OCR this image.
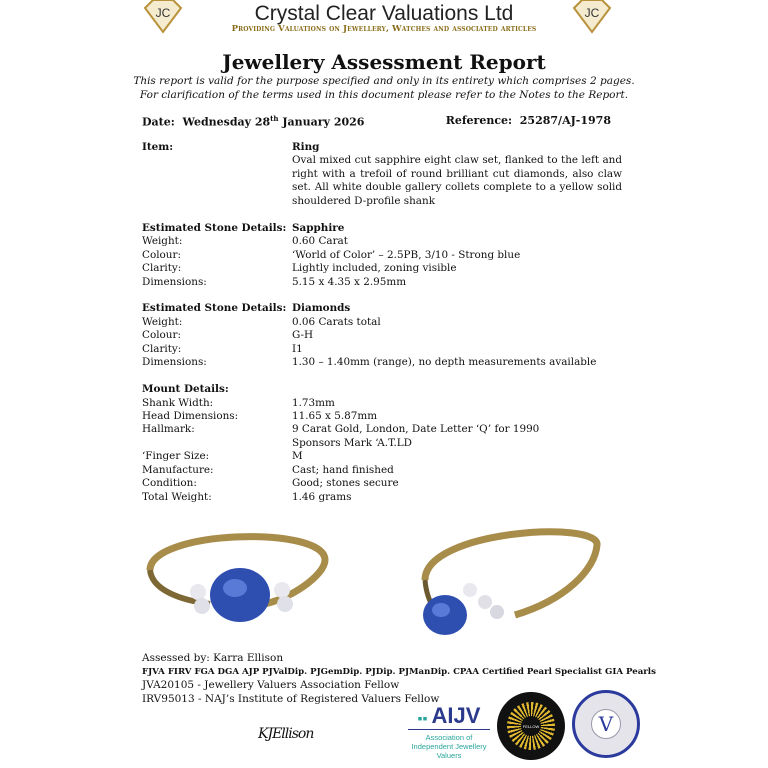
JC	JC
Crystal Clear Valuations Ltd
Providing Valuations on Jewellery, Watches and associated articles
Jewellery Assessment Report
This report is valid for the purpose specified and only in its entirety which comprises 2 pages. For clarification of the terms used in this document please refer to the Notes to the Report.
Date: Wednesday 28th January 2026	Reference: 25287/AJ-1978
Item:	Ring
Oval mixed cut sapphire eight claw set, flanked to the left and right with a trefoil of round brilliant cut diamonds, also claw set. All white double gallery collets complete to a yellow solid shouldered D-profile shank
Estimated Stone Details: Sapphire
Weight:	0.60 Carat
Colour:	‘World of Color’ – 2.5PB, 3/10 - Strong blue
Clarity:	Lightly included, zoning visible
Dimensions:	5.15 x 4.35 x 2.95mm
Estimated Stone Details: Diamonds
Weight:	0.06 Carats total
Colour:	G-H
Clarity:	I1
Dimensions:	1.30 – 1.40mm (range), no depth measurements available
Mount Details:
Shank Width:	1.73mm
Head Dimensions:	11.65 x 5.87mm
Hallmark:	9 Carat Gold, London, Date Letter ‘Q’ for 1990
Sponsors Mark ‘A.T.LD
‘Finger Size:	M
Manufacture:	Cast; hand finished
Condition:	Good; stones secure
Total Weight:	1.46 grams
Assessed by: Karra Ellison
FJVA FIRV FGA DGA AJP PJValDip. PJGemDip. PJDip. PJManDip. CPAA Certified Pearl Specialist GIA Pearls
JVA20105 - Jewellery Valuers Association Fellow
IRV95013 - NAJ’s Institute of Registered Valuers Fellow
KJEllison
▪▪ AIJV
Association of Independent Jewellery Valuers
FELLOW	V
